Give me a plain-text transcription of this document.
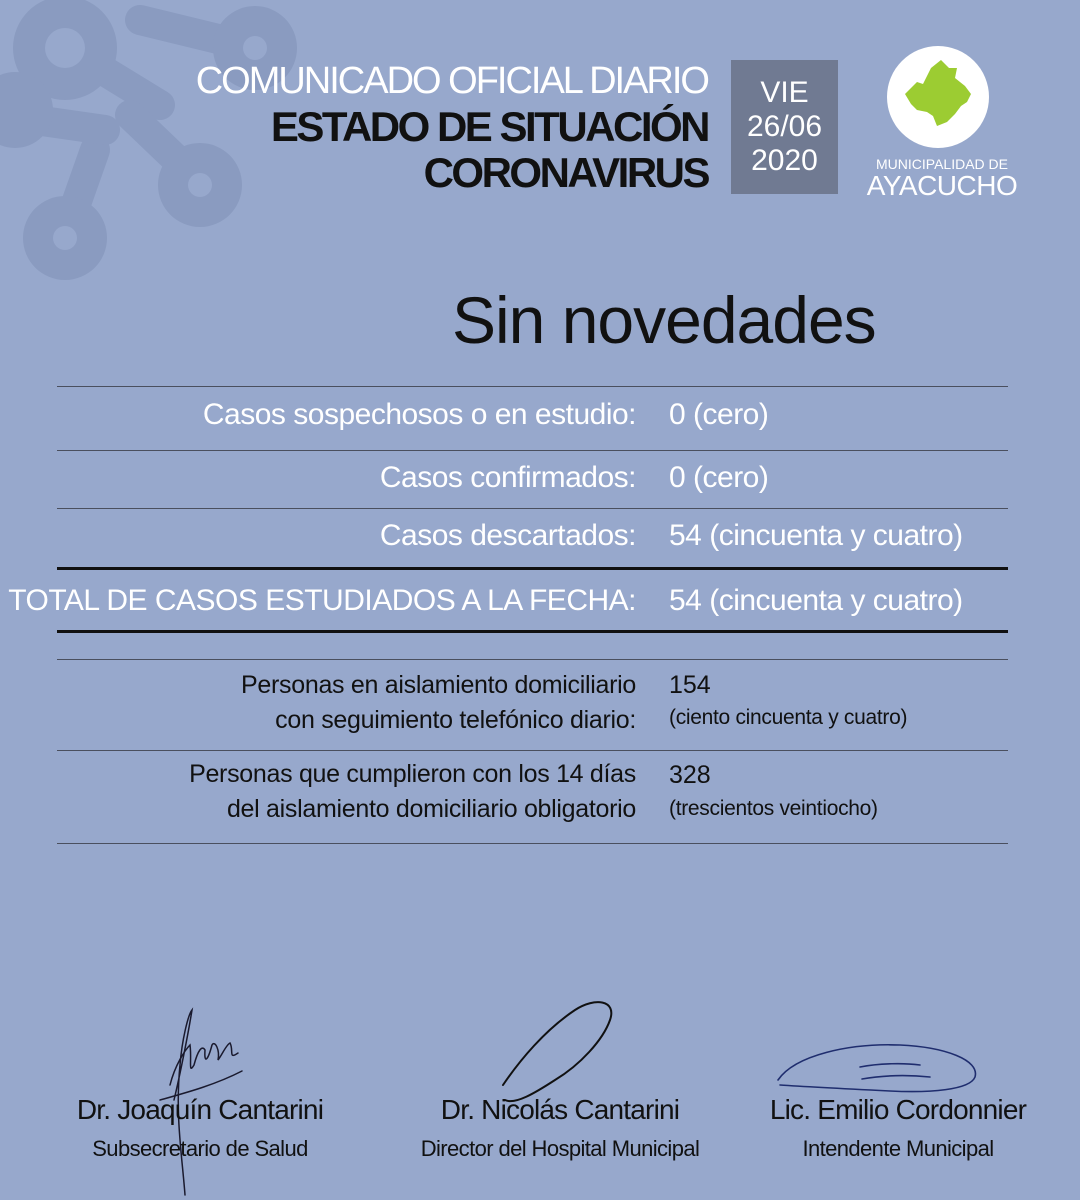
COMUNICADO OFICIAL DIARIO
ESTADO DE SITUACIÓN
CORONAVIRUS
VIE
26/06
2020	MUNICIPALIDAD DE
AYACUCHO
Sin novedades
Casos sospechosos o en estudio: 0 (cero)
Casos confirmados: 0 (cero)
Casos descartados: 54 (cincuenta y cuatro)
TOTAL DE CASOS ESTUDIADOS A LA FECHA: 54 (cincuenta y cuatro)
Personas en aislamiento domiciliario
con seguimiento telefónico diario:
154
(ciento cincuenta y cuatro)
Personas que cumplieron con los 14 días
del aislamiento domiciliario obligatorio
328
(trescientos veintiocho)
Dr. Joaquín Cantarini
Subsecretario de Salud
Dr. Nicolás Cantarini
Director del Hospital Municipal
Lic. Emilio Cordonnier
Intendente Municipal
